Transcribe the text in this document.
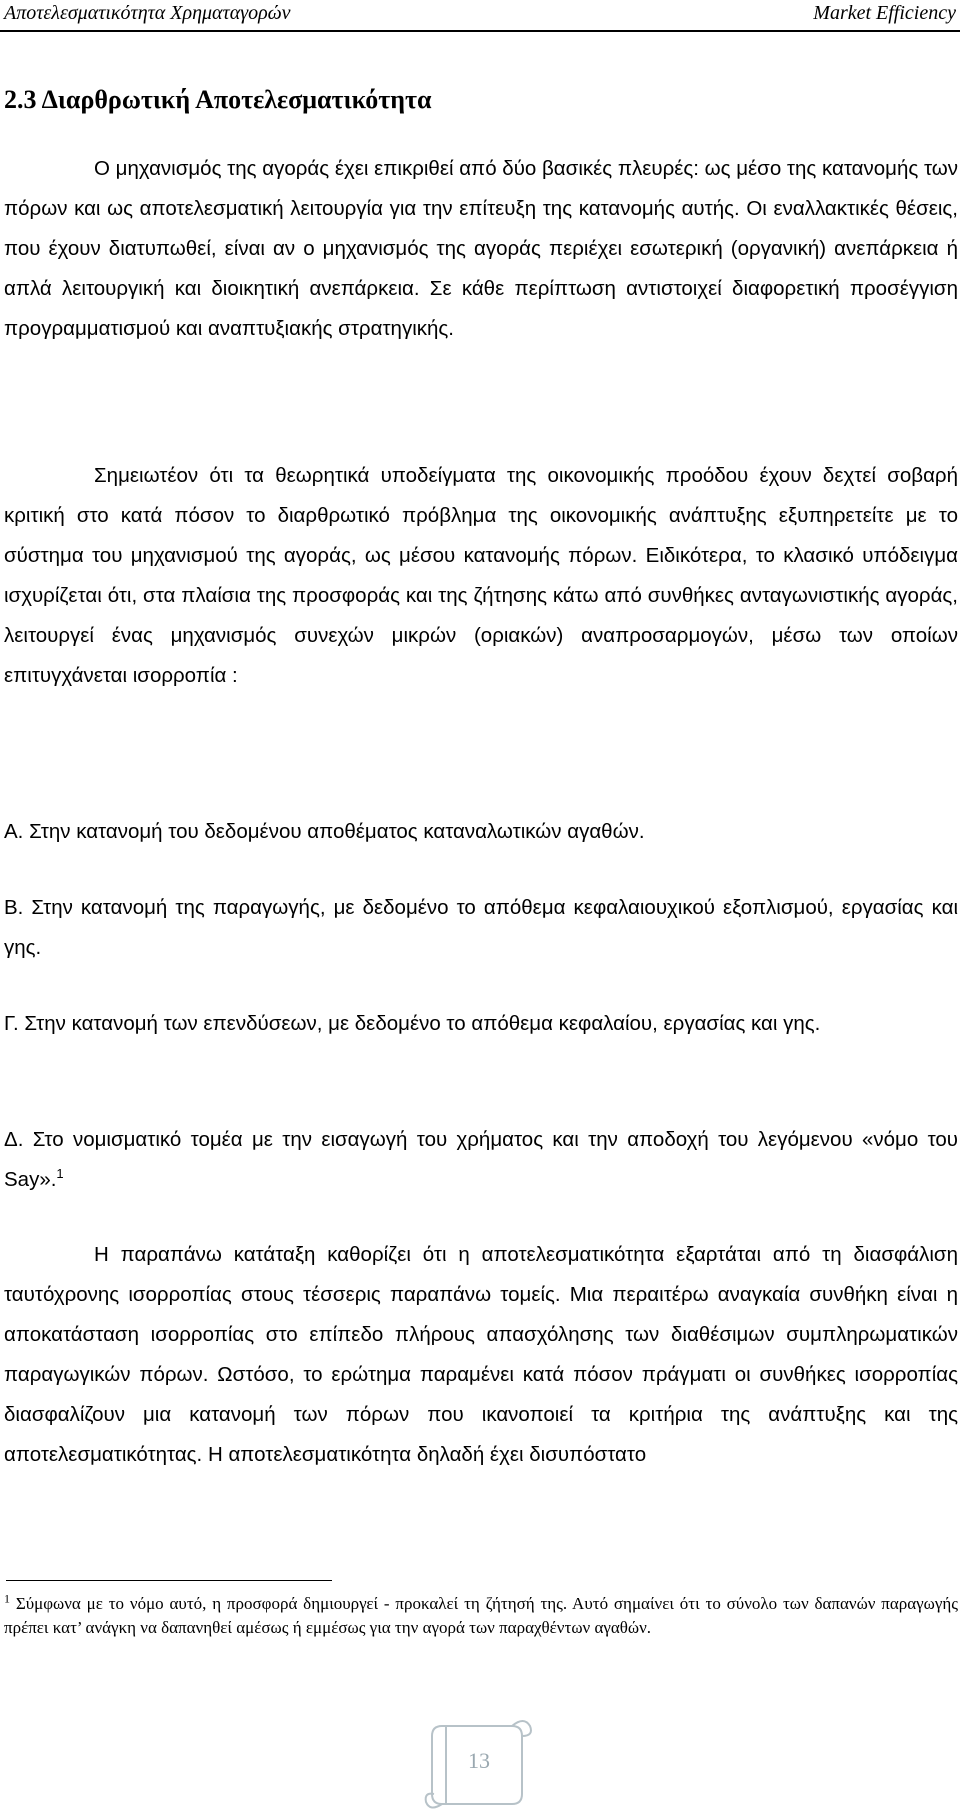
Αποτελεσματικότητα Χρηματαγορών	Market Efficiency
2.3 Διαρθρωτική Αποτελεσματικότητα
Ο μηχανισμός της αγοράς έχει επικριθεί από δύο βασικές πλευρές: ως μέσο της κατανομής των πόρων και ως αποτελεσματική λειτουργία για την επίτευξη της κατανομής αυτής. Οι εναλλακτικές θέσεις, που έχουν διατυπωθεί, είναι αν ο μηχανισμός της αγοράς περιέχει εσωτερική (οργανική) ανεπάρκεια ή απλά λειτουργική και διοικητική ανεπάρκεια. Σε κάθε περίπτωση αντιστοιχεί διαφορετική προσέγγιση προγραμματισμού και αναπτυξιακής στρατηγικής.
Σημειωτέον ότι τα θεωρητικά υποδείγματα της οικονομικής προόδου έχουν δεχτεί σοβαρή κριτική στο κατά πόσον το διαρθρωτικό πρόβλημα της οικονομικής ανάπτυξης εξυπηρετείτε με το σύστημα του μηχανισμού της αγοράς, ως μέσου κατανομής πόρων. Ειδικότερα, το κλασικό υπόδειγμα ισχυρίζεται ότι, στα πλαίσια της προσφοράς και της ζήτησης κάτω από συνθήκες ανταγωνιστικής αγοράς, λειτουργεί ένας μηχανισμός συνεχών μικρών (οριακών) αναπροσαρμογών, μέσω των οποίων επιτυγχάνεται ισορροπία :
Α. Στην κατανομή του δεδομένου αποθέματος καταναλωτικών αγαθών.
Β. Στην κατανομή της παραγωγής, με δεδομένο το απόθεμα κεφαλαιουχικού εξοπλισμού, εργασίας και γης.
Γ. Στην κατανομή των επενδύσεων, με δεδομένο το απόθεμα κεφαλαίου, εργασίας και γης.
Δ. Στο νομισματικό τομέα με την εισαγωγή του χρήματος και την αποδοχή του λεγόμενου «νόμο του Say».$^1$
Η παραπάνω κατάταξη καθορίζει ότι η αποτελεσματικότητα εξαρτάται από τη διασφάλιση ταυτόχρονης ισορροπίας στους τέσσερις παραπάνω τομείς. Μια περαιτέρω αναγκαία συνθήκη είναι η αποκατάσταση ισορροπίας στο επίπεδο πλήρους απασχόλησης των διαθέσιμων συμπληρωματικών παραγωγικών πόρων. Ωστόσο, το ερώτημα παραμένει κατά πόσον πράγματι οι συνθήκες ισορροπίας διασφαλίζουν μια κατανομή των πόρων που ικανοποιεί τα κριτήρια της ανάπτυξης και της αποτελεσματικότητας. Η αποτελεσματικότητα δηλαδή έχει δισυπόστατο
$^1$ Σύμφωνα με το νόμο αυτό, η προσφορά δημιουργεί - προκαλεί τη ζήτησή της. Αυτό σημαίνει ότι το σύνολο των δαπανών παραγωγής πρέπει κατ’ ανάγκη να δαπανηθεί αμέσως ή εμμέσως για την αγορά των παραχθέντων αγαθών.
13
